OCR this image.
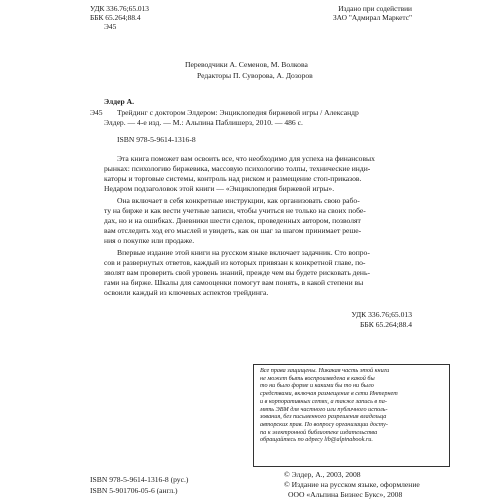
УДК 336.76;65.013
ББК 65.264;88.4
Э45
Издано при содействии
ЗАО "Адмирал Маркетс"
Переводчики А. Семенов, М. Волкова
Редакторы П. Суворова, А. Дозоров
Элдер А.
Э45 Трейдинг с доктором Элдером: Энциклопедия биржевой игры / Александр
Элдер. — 4-е изд. — М.: Альпина Паблишерз, 2010. — 486 с.
ISBN 978-5-9614-1316-8
Эта книга поможет вам освоить все, что необходимо для успеха на финансовых
рынках: психологию биржевика, массовую психологию толпы, технические инди-
каторы и торговые системы, контроль над риском и размещение стоп-приказов.
Недаром подзаголовок этой книги — «Энциклопедия биржевой игры».
Она включает в себя конкретные инструкции, как организовать свою рабо-
ту на бирже и как вести учетные записи, чтобы учиться не только на своих побе-
дах, но и на ошибках. Дневники шести сделок, проведенных автором, позволят
вам отследить ход его мыслей и увидеть, как он шаг за шагом принимает реше-
ния о покупке или продаже.
Впервые издание этой книги на русском языке включает задачник. Сто вопро-
сов и развернутых ответов, каждый из которых привязан к конкретной главе, по-
зволят вам проверить свой уровень знаний, прежде чем вы будете рисковать день-
гами на бирже. Шкалы для самооценки помогут вам понять, в какой степени вы
освоили каждый из ключевых аспектов трейдинга.
УДК 336.76;65.013
ББК 65.264;88.4
Все права защищены. Никакая часть этой книги
не может быть воспроизведена в какой бы
то ни было форме и какими бы то ни было
средствами, включая размещение в сети Интернет
и в корпоративных сетях, а также запись в па-
мять ЭВМ для частного или публичного исполь-
зования, без письменного разрешения владельца
авторских прав. По вопросу организации досту-
па к электронной библиотеке издательства
обращайтесь по адресу lib@alpinabook.ru.
ISBN 978-5-9614-1316-8 (рус.)
ISBN 5-901706-05-6 (англ.)
© Элдер, А., 2003, 2008
© Издание на русском языке, оформление
ООО «Альпина Бизнес Букс», 2008
